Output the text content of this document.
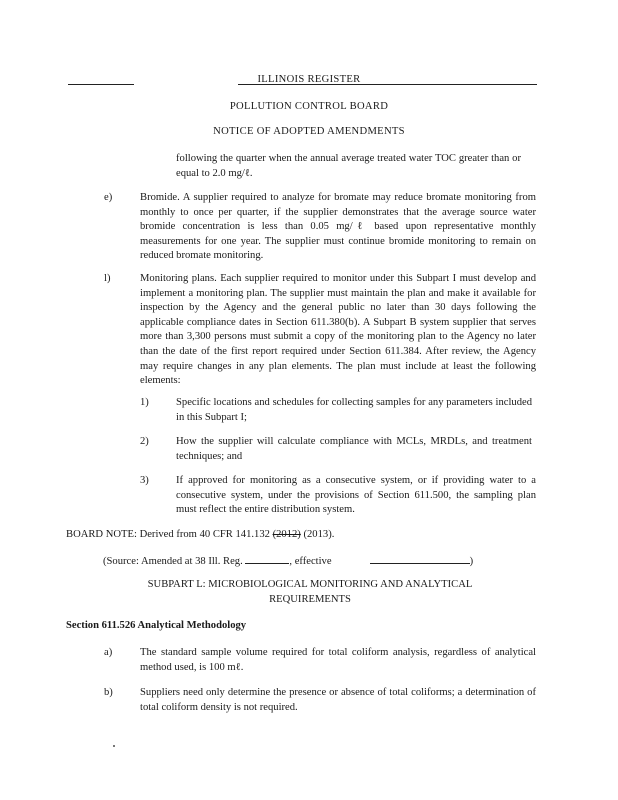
ILLINOIS REGISTER
POLLUTION CONTROL BOARD
NOTICE OF ADOPTED AMENDMENTS
following the quarter when the annual average treated water TOC greater than or equal to 2.0 mg/ℓ.
e)	Bromide. A supplier required to analyze for bromate may reduce bromate monitoring from monthly to once per quarter, if the supplier demonstrates that the average source water bromide concentration is less than 0.05 mg/ℓ based upon representative monthly measurements for one year. The supplier must continue bromide monitoring to remain on reduced bromate monitoring.
l)	Monitoring plans. Each supplier required to monitor under this Subpart I must develop and implement a monitoring plan. The supplier must maintain the plan and make it available for inspection by the Agency and the general public no later than 30 days following the applicable compliance dates in Section 611.380(b). A Subpart B system supplier that serves more than 3,300 persons must submit a copy of the monitoring plan to the Agency no later than the date of the first report required under Section 611.384. After review, the Agency may require changes in any plan elements. The plan must include at least the following elements:
1)	Specific locations and schedules for collecting samples for any parameters included in this Subpart I;
2)	How the supplier will calculate compliance with MCLs, MRDLs, and treatment techniques; and
3)	If approved for monitoring as a consecutive system, or if providing water to a consecutive system, under the provisions of Section 611.500, the sampling plan must reflect the entire distribution system.
BOARD NOTE: Derived from 40 CFR 141.132 (2012) (2013).
(Source: Amended at 38 Ill. Reg.	, effective	)
SUBPART L: MICROBIOLOGICAL MONITORING AND ANALYTICAL REQUIREMENTS
Section 611.526 Analytical Methodology
a)	The standard sample volume required for total coliform analysis, regardless of analytical method used, is 100 mℓ.
b)	Suppliers need only determine the presence or absence of total coliforms; a determination of total coliform density is not required.
